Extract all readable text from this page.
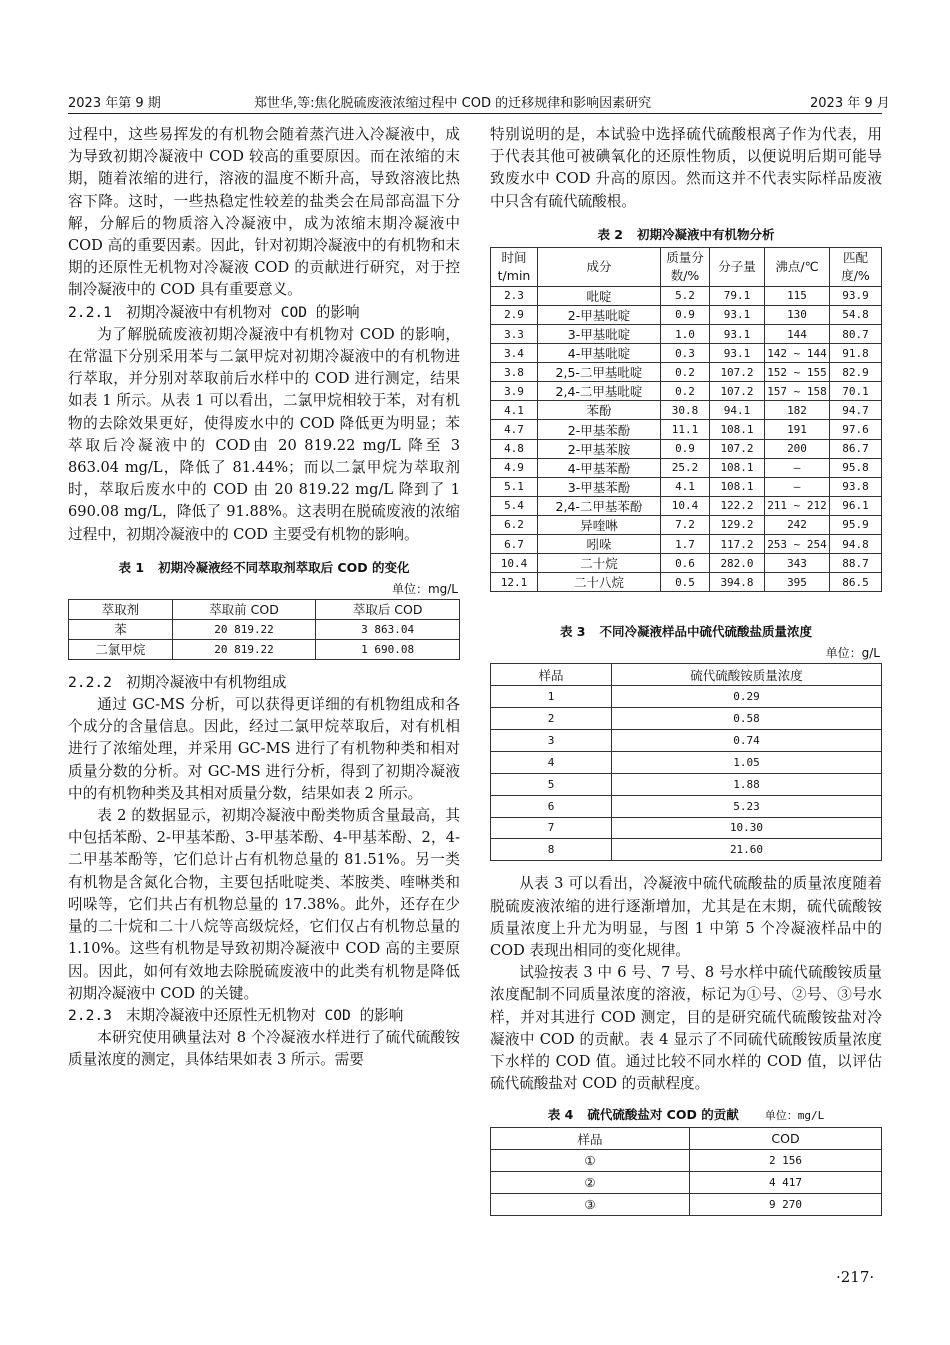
2023 年第 9 期	郑世华,等:焦化脱硫废液浓缩过程中 COD 的迁移规律和影响因素研究	2023 年 9 月

过程中，这些易挥发的有机物会随着蒸汽进入冷凝液中，成为导致初期冷凝液中 COD 较高的重要原因。而在浓缩的末期，随着浓缩的进行，溶液的温度不断升高，导致溶液比热容下降。这时，一些热稳定性较差的盐类会在局部高温下分解，分解后的物质溶入冷凝液中，成为浓缩末期冷凝液中 COD 高的重要因素。因此，针对初期冷凝液中的有机物和末期的还原性无机物对冷凝液 COD 的贡献进行研究，对于控制冷凝液中的 COD 具有重要意义。

2.2.1 初期冷凝液中有机物对 COD 的影响

为了解脱硫废液初期冷凝液中有机物对 COD 的影响，在常温下分别采用苯与二氯甲烷对初期冷凝液中的有机物进行萃取，并分别对萃取前后水样中的 COD 进行测定，结果如表 1 所示。从表 1 可以看出，二氯甲烷相较于苯，对有机物的去除效果更好，使得废水中的 COD 降低更为明显；苯萃取后冷凝液中的 COD由 20 819.22 mg/L 降至 3 863.04 mg/L，降低了 81.44%；而以二氯甲烷为萃取剂时，萃取后废水中的 COD 由 20 819.22 mg/L 降到了 1 690.08 mg/L，降低了 91.88%。这表明在脱硫废液的浓缩过程中，初期冷凝液中的 COD 主要受有机物的影响。

表 1 初期冷凝液经不同萃取剂萃取后 COD 的变化
单位：mg/L
萃取剂	萃取前 COD	萃取后 COD
苯	20 819.22	3 863.04
二氯甲烷	20 819.22	1 690.08
2.2.2 初期冷凝液中有机物组成

通过 GC-MS 分析，可以获得更详细的有机物组成和各个成分的含量信息。因此，经过二氯甲烷萃取后，对有机相进行了浓缩处理，并采用 GC-MS 进行了有机物种类和相对质量分数的分析。对 GC-MS 进行分析，得到了初期冷凝液中的有机物种类及其相对质量分数，结果如表 2 所示。

表 2 的数据显示，初期冷凝液中酚类物质含量最高，其中包括苯酚、2-甲基苯酚、3-甲基苯酚、4-甲基苯酚、2，4-二甲基苯酚等，它们总计占有机物总量的 81.51%。另一类有机物是含氮化合物，主要包括吡啶类、苯胺类、喹啉类和吲哚等，它们共占有机物总量的 17.38%。此外，还存在少量的二十烷和二十八烷等高级烷烃，它们仅占有机物总量的 1.10%。这些有机物是导致初期冷凝液中 COD 高的主要原因。因此，如何有效地去除脱硫废液中的此类有机物是降低初期冷凝液中 COD 的关键。

2.2.3 末期冷凝液中还原性无机物对 COD 的影响

本研究使用碘量法对 8 个冷凝液水样进行了硫代硫酸铵质量浓度的测定，具体结果如表 3 所示。需要

特别说明的是，本试验中选择硫代硫酸根离子作为代表，用于代表其他可被碘氧化的还原性物质，以便说明后期可能导致废水中 COD 升高的原因。然而这并不代表实际样品废液中只含有硫代硫酸根。

表 2 初期冷凝液中有机物分析
时间 t/min	成分	质量分数/%	分子量	沸点/℃	匹配度/%
2.3	吡啶	5.2	79.1	115	93.9
2.9	2-甲基吡啶	0.9	93.1	130	54.8
3.3	3-甲基吡啶	1.0	93.1	144	80.7
3.4	4-甲基吡啶	0.3	93.1	142 ~ 144	91.8
3.8	2,5-二甲基吡啶	0.2	107.2	152 ~ 155	82.9
3.9	2,4-二甲基吡啶	0.2	107.2	157 ~ 158	70.1
4.1	苯酚	30.8	94.1	182	94.7
4.7	2-甲基苯酚	11.1	108.1	191	97.6
4.8	2-甲基苯胺	0.9	107.2	200	86.7
4.9	4-甲基苯酚	25.2	108.1	—	95.8
5.1	3-甲基苯酚	4.1	108.1	—	93.8
5.4	2,4-二甲基苯酚	10.4	122.2	211 ~ 212	96.1
6.2	异喹啉	7.2	129.2	242	95.9
6.7	吲哚	1.7	117.2	253 ~ 254	94.8
10.4	二十烷	0.6	282.0	343	88.7
12.1	二十八烷	0.5	394.8	395	86.5
表 3 不同冷凝液样品中硫代硫酸盐质量浓度
单位：g/L
样品	硫代硫酸铵质量浓度
1	0.29
2	0.58
3	0.74
4	1.05
5	1.88
6	5.23
7	10.30
8	21.60

从表 3 可以看出，冷凝液中硫代硫酸盐的质量浓度随着脱硫废液浓缩的进行逐渐增加，尤其是在末期，硫代硫酸铵质量浓度上升尤为明显，与图 1 中第 5 个冷凝液样品中的 COD 表现出相同的变化规律。

试验按表 3 中 6 号、7 号、8 号水样中硫代硫酸铵质量浓度配制不同质量浓度的溶液，标记为①号、②号、③号水样，并对其进行 COD 测定，目的是研究硫代硫酸铵盐对冷凝液中 COD 的贡献。表 4 显示了不同硫代硫酸铵质量浓度下水样的 COD 值。通过比较不同水样的 COD 值，以评估硫代硫酸盐对 COD 的贡献程度。

表 4 硫代硫酸盐对 COD 的贡献 单位：mg/L
样品	COD
①	2 156
②	4 417
③	9 270
·217·
